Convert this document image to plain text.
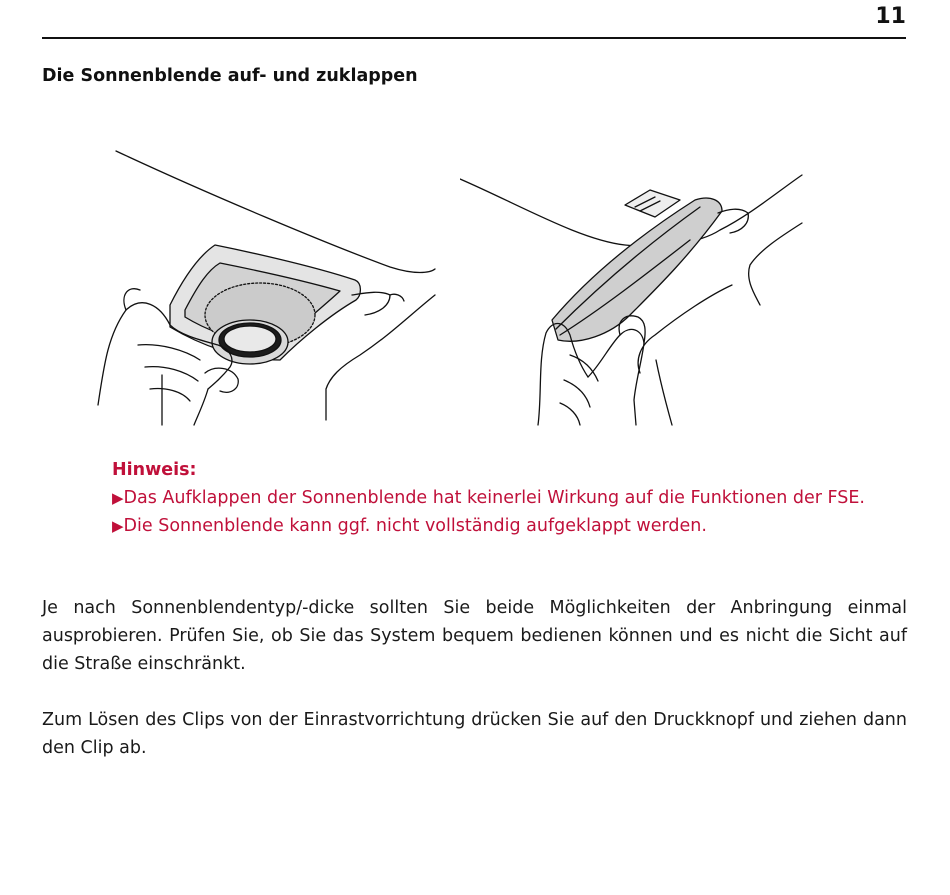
11
Die Sonnenblende auf- und zuklappen
Hinweis:
▶Das Aufklappen der Sonnenblende hat keinerlei Wirkung auf die Funktionen der FSE.
▶Die Sonnenblende kann ggf. nicht vollständig aufgeklappt werden.
Je nach Sonnenblendentyp/-dicke sollten Sie beide Möglichkeiten der Anbringung einmal ausprobieren. Prüfen Sie, ob Sie das System bequem bedienen können und es nicht die Sicht auf die Straße einschränkt.
Zum Lösen des Clips von der Einrastvorrichtung drücken Sie auf den Druckknopf und ziehen dann den Clip ab.
